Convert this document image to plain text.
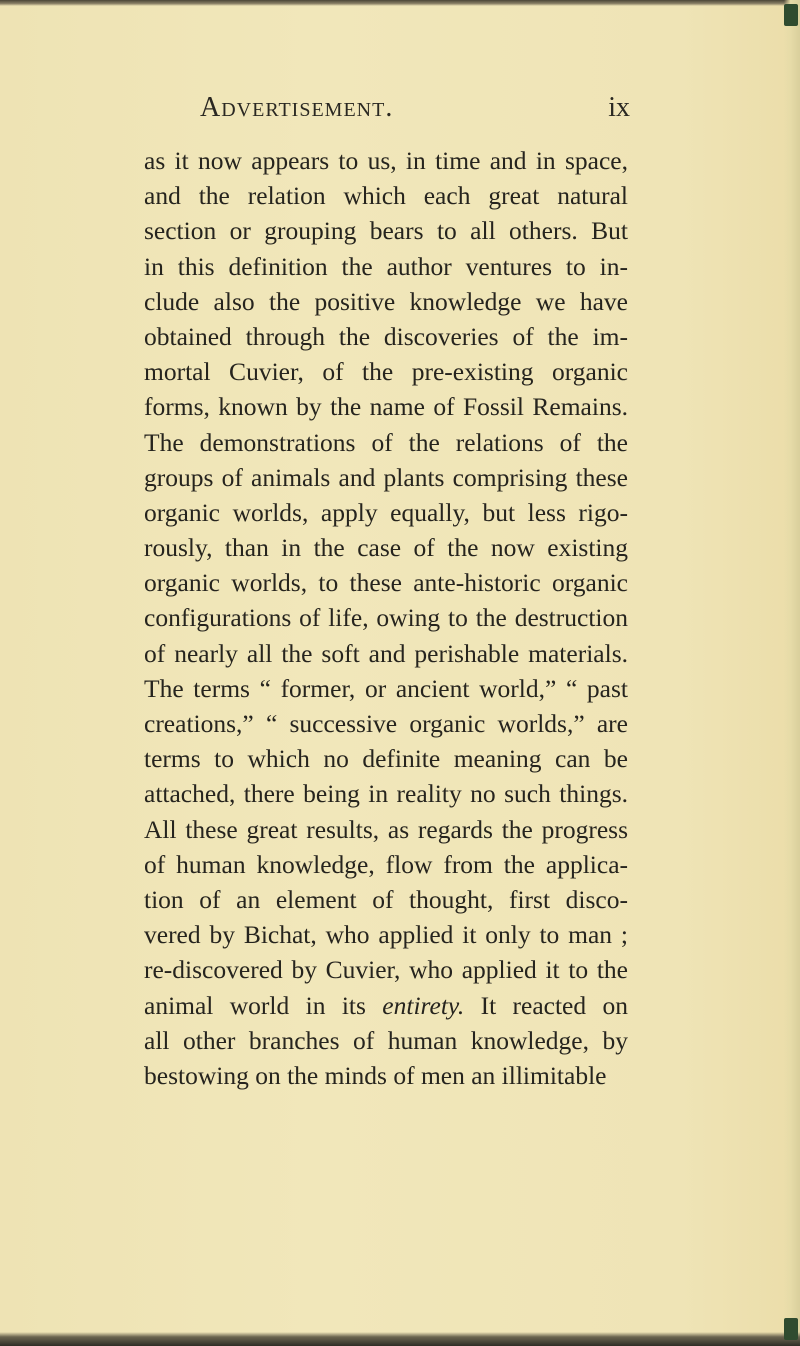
Advertisement.	ix
as it now appears to us, in time and in space,
and the relation which each great natural
section or grouping bears to all others. But
in this definition the author ventures to in-
clude also the positive knowledge we have
obtained through the discoveries of the im-
mortal Cuvier, of the pre-existing organic
forms, known by the name of Fossil Remains.
The demonstrations of the relations of the
groups of animals and plants comprising these
organic worlds, apply equally, but less rigo-
rously, than in the case of the now existing
organic worlds, to these ante-historic organic
configurations of life, owing to the destruction
of nearly all the soft and perishable materials.
The terms “ former, or ancient world,” “ past
creations,” “ successive organic worlds,” are
terms to which no definite meaning can be
attached, there being in reality no such things.
All these great results, as regards the progress
of human knowledge, flow from the applica-
tion of an element of thought, first disco-
vered by Bichat, who applied it only to man ;
re-discovered by Cuvier, who applied it to the
animal world in its entirety. It reacted on
all other branches of human knowledge, by
bestowing on the minds of men an illimitable
